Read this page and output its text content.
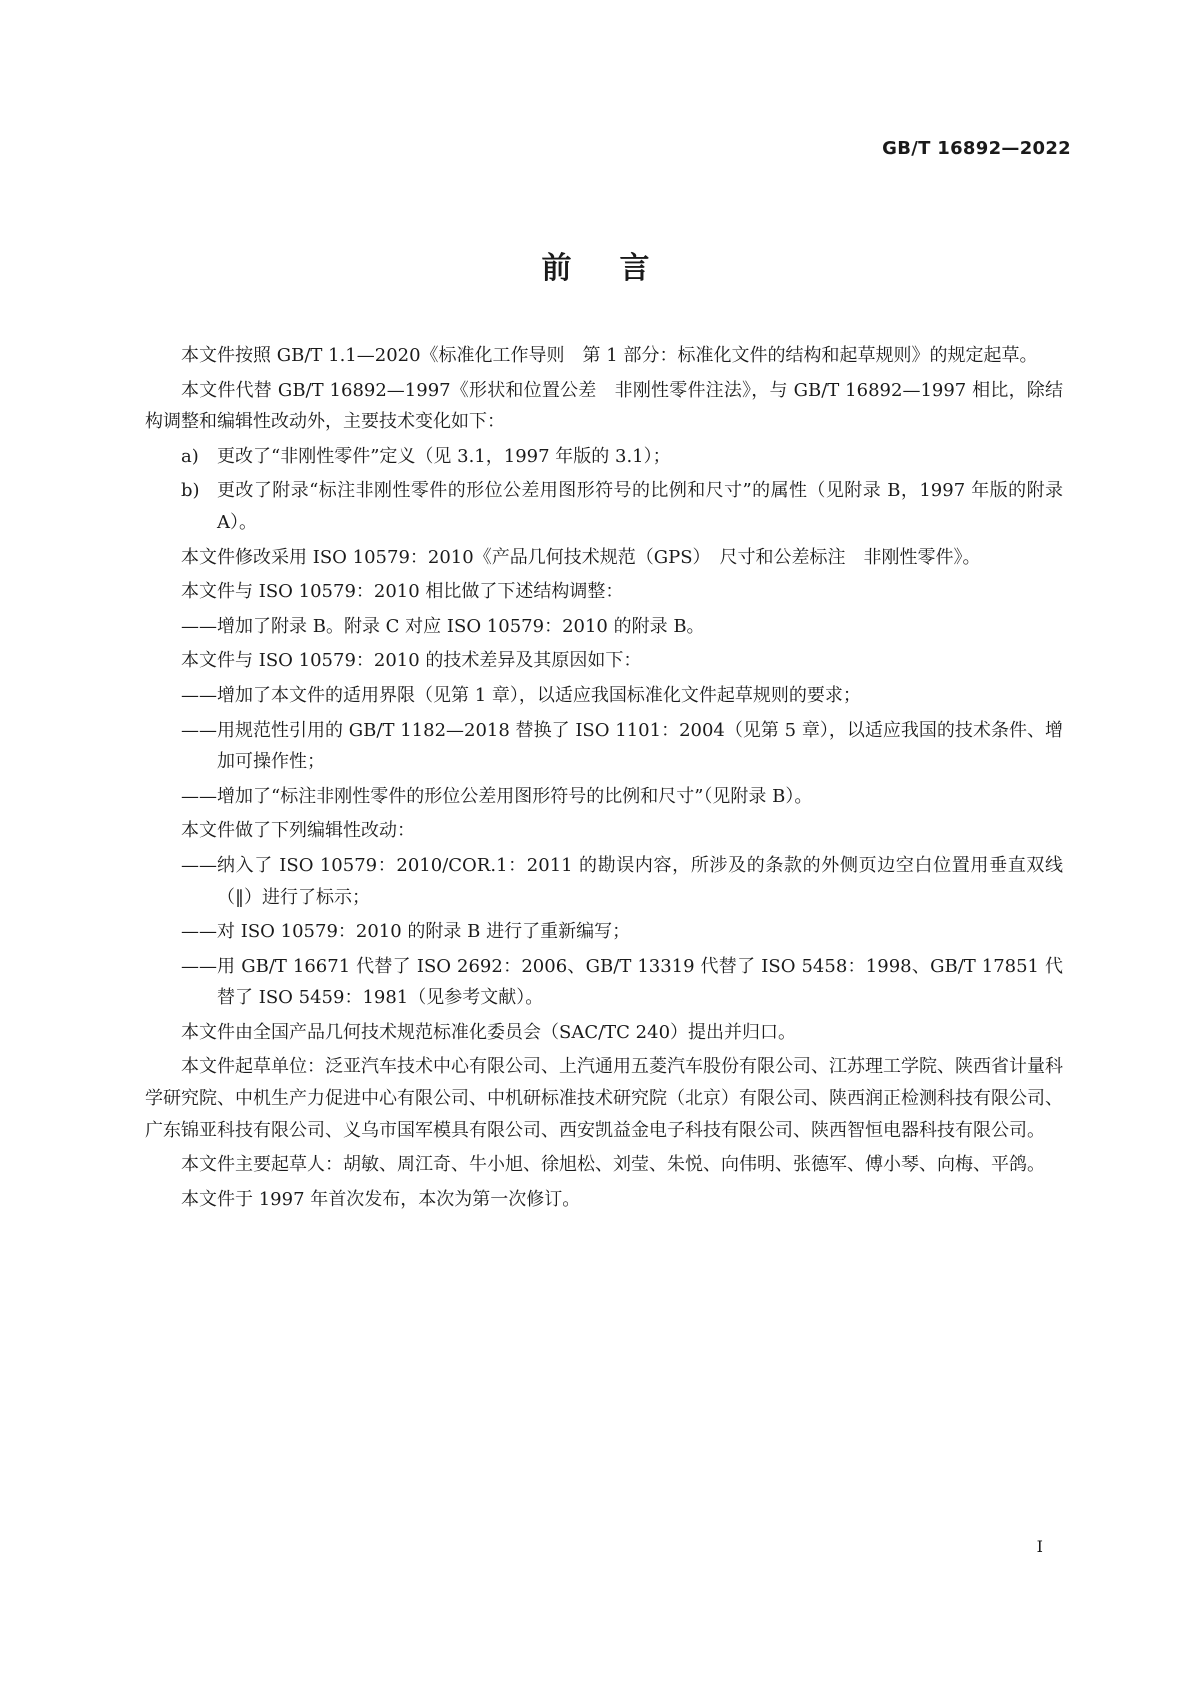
GB/T 16892—2022
前言

本文件按照 GB/T 1.1—2020《标准化工作导则　第 1 部分：标准化文件的结构和起草规则》的规定起草。

本文件代替 GB/T 16892—1997《形状和位置公差　非刚性零件注法》，与 GB/T 16892—1997 相比，除结构调整和编辑性改动外，主要技术变化如下：

a) 更改了“非刚性零件”定义（见 3.1，1997 年版的 3.1）；
b) 更改了附录“标注非刚性零件的形位公差用图形符号的比例和尺寸”的属性（见附录 B，1997 年版的附录 A）。

本文件修改采用 ISO 10579：2010《产品几何技术规范（GPS）　尺寸和公差标注　非刚性零件》。

本文件与 ISO 10579：2010 相比做了下述结构调整：

—— 增加了附录 B。附录 C 对应 ISO 10579：2010 的附录 B。

本文件与 ISO 10579：2010 的技术差异及其原因如下：

—— 增加了本文件的适用界限（见第 1 章），以适应我国标准化文件起草规则的要求；
—— 用规范性引用的 GB/T 1182—2018 替换了 ISO 1101：2004（见第 5 章），以适应我国的技术条件、增加可操作性；
—— 增加了“标注非刚性零件的形位公差用图形符号的比例和尺寸”（见附录 B）。

本文件做了下列编辑性改动：

—— 纳入了 ISO 10579：2010/COR.1：2011 的勘误内容，所涉及的条款的外侧页边空白位置用垂直双线（‖）进行了标示；
—— 对 ISO 10579：2010 的附录 B 进行了重新编写；
—— 用 GB/T 16671 代替了 ISO 2692：2006、GB/T 13319 代替了 ISO 5458：1998、GB/T 17851 代替了 ISO 5459：1981（见参考文献）。

本文件由全国产品几何技术规范标准化委员会（SAC/TC 240）提出并归口。

本文件起草单位：泛亚汽车技术中心有限公司、上汽通用五菱汽车股份有限公司、江苏理工学院、陕西省计量科学研究院、中机生产力促进中心有限公司、中机研标准技术研究院（北京）有限公司、陕西润正检测科技有限公司、广东锦亚科技有限公司、义乌市国军模具有限公司、西安凯益金电子科技有限公司、陕西智恒电器科技有限公司。

本文件主要起草人：胡敏、周江奇、牛小旭、徐旭松、刘莹、朱悦、向伟明、张德军、傅小琴、向梅、平鸽。

本文件于 1997 年首次发布，本次为第一次修订。

I
